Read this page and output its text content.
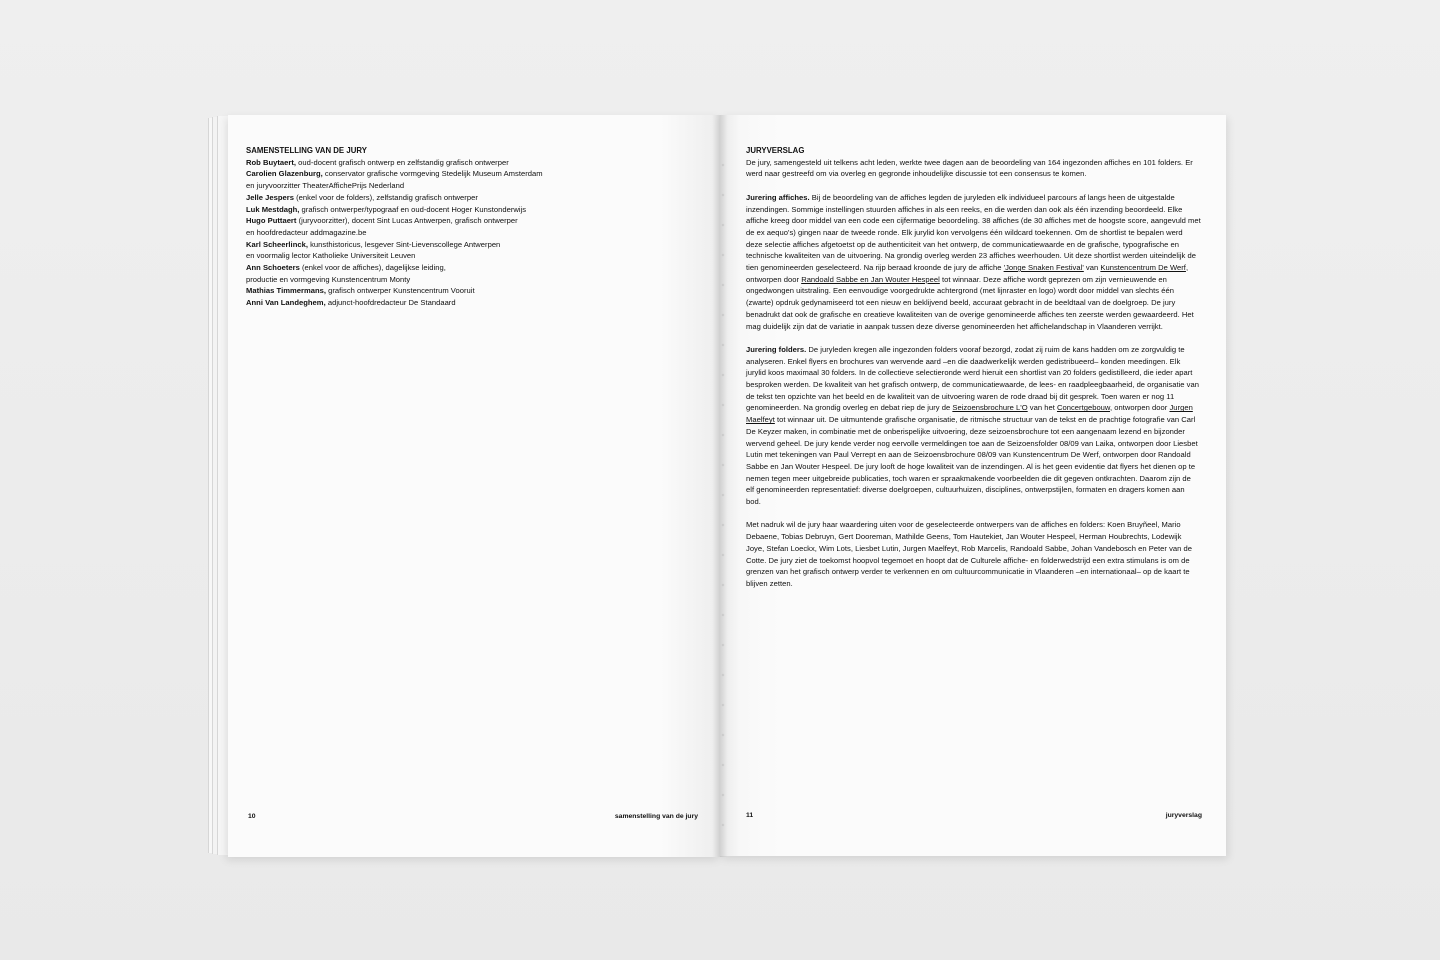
SAMENSTELLING VAN DE JURY
Rob Buytaert, oud-docent grafisch ontwerp en zelfstandig grafisch ontwerper
Carolien Glazenburg, conservator grafische vormgeving Stedelijk Museum Amsterdam
en juryvoorzitter TheaterAffichePrijs Nederland
Jelle Jespers (enkel voor de folders), zelfstandig grafisch ontwerper
Luk Mestdagh, grafisch ontwerper/typograaf en oud-docent Hoger Kunstonderwijs
Hugo Puttaert (juryvoorzitter), docent Sint Lucas Antwerpen, grafisch ontwerper
en hoofdredacteur addmagazine.be
Karl Scheerlinck, kunsthistoricus, lesgever Sint-Lievenscollege Antwerpen
en voormalig lector Katholieke Universiteit Leuven
Ann Schoeters (enkel voor de affiches), dagelijkse leiding,
productie en vormgeving Kunstencentrum Monty
Mathias Timmermans, grafisch ontwerper Kunstencentrum Vooruit
Anni Van Landeghem, adjunct-hoofdredacteur De Standaard
10	samenstelling van de jury
JURYVERSLAG
De jury, samengesteld uit telkens acht leden, werkte twee dagen aan de beoordeling van 164 ingezonden affiches en 101 folders. Er werd naar gestreefd om via overleg en gegronde inhoudelijke discussie tot een consensus te komen.
Jurering affiches. Bij de beoordeling van de affiches legden de juryleden elk individueel parcours af langs heen de uitgestalde inzendingen. Sommige instellingen stuurden affiches in als een reeks, en die werden dan ook als één inzending beoordeeld. Elke affiche kreeg door middel van een code een cijfermatige beoordeling. 38 affiches (de 30 affiches met de hoogste score, aangevuld met de ex aequo's) gingen naar de tweede ronde. Elk jurylid kon vervolgens één wildcard toekennen. Om de shortlist te bepalen werd deze selectie affiches afgetoetst op de authenticiteit van het ontwerp, de communicatiewaarde en de grafische, typografische en technische kwaliteiten van de uitvoering. Na grondig overleg werden 23 affiches weerhouden. Uit deze shortlist werden uiteindelijk de tien genomineerden geselecteerd. Na rijp beraad kroonde de jury de affiche 'Jonge Snaken Festival' van Kunstencentrum De Werf, ontworpen door Randoald Sabbe en Jan Wouter Hespeel tot winnaar. Deze affiche wordt geprezen om zijn vernieuwende en ongedwongen uitstraling. Een eenvoudige voorgedrukte achtergrond (met lijnraster en logo) wordt door middel van slechts één (zwarte) opdruk gedynamiseerd tot een nieuw en beklijvend beeld, accuraat gebracht in de beeldtaal van de doelgroep. De jury benadrukt dat ook de grafische en creatieve kwaliteiten van de overige genomineerde affiches ten zeerste werden gewaardeerd. Het mag duidelijk zijn dat de variatie in aanpak tussen deze diverse genomineerden het affichelandschap in Vlaanderen verrijkt.
Jurering folders. De juryleden kregen alle ingezonden folders vooraf bezorgd, zodat zij ruim de kans hadden om ze zorgvuldig te analyseren. Enkel flyers en brochures van wervende aard –en die daadwerkelijk werden gedistribueerd– konden meedingen. Elk jurylid koos maximaal 30 folders. In de collectieve selectieronde werd hieruit een shortlist van 20 folders gedistilleerd, die ieder apart besproken werden. De kwaliteit van het grafisch ontwerp, de communicatiewaarde, de lees- en raadpleegbaarheid, de organisatie van de tekst ten opzichte van het beeld en de kwaliteit van de uitvoering waren de rode draad bij dit gesprek. Toen waren er nog 11 genomineerden. Na grondig overleg en debat riep de jury de Seizoensbrochure L'O van het Concertgebouw, ontworpen door Jurgen Maelfeyt tot winnaar uit. De uitmuntende grafische organisatie, de ritmische structuur van de tekst en de prachtige fotografie van Carl De Keyzer maken, in combinatie met de onberispelijke uitvoering, deze seizoensbrochure tot een aangenaam lezend en bijzonder wervend geheel. De jury kende verder nog eervolle vermeldingen toe aan de Seizoensfolder 08/09 van Laika, ontworpen door Liesbet Lutin met tekeningen van Paul Verrept en aan de Seizoensbrochure 08/09 van Kunstencentrum De Werf, ontworpen door Randoald Sabbe en Jan Wouter Hespeel. De jury looft de hoge kwaliteit van de inzendingen. Al is het geen evidentie dat flyers het dienen op te nemen tegen meer uitgebreide publicaties, toch waren er spraakmakende voorbeelden die dit gegeven ontkrachten. Daarom zijn de elf genomineerden representatief: diverse doelgroepen, cultuurhuizen, disciplines, ontwerpstijlen, formaten en dragers komen aan bod.
Met nadruk wil de jury haar waardering uiten voor de geselecteerde ontwerpers van de affiches en folders: Koen Bruyñeel, Mario Debaene, Tobias Debruyn, Gert Dooreman, Mathilde Geens, Tom Hautekiet, Jan Wouter Hespeel, Herman Houbrechts, Lodewijk Joye, Stefan Loeckx, Wim Lots, Liesbet Lutin, Jurgen Maelfeyt, Rob Marcelis, Randoald Sabbe, Johan Vandebosch en Peter van de Cotte. De jury ziet de toekomst hoopvol tegemoet en hoopt dat de Culturele affiche- en folderwedstrijd een extra stimulans is om de grenzen van het grafisch ontwerp verder te verkennen en om cultuurcommunicatie in Vlaanderen –en internationaal– op de kaart te blijven zetten.
11	juryverslag
